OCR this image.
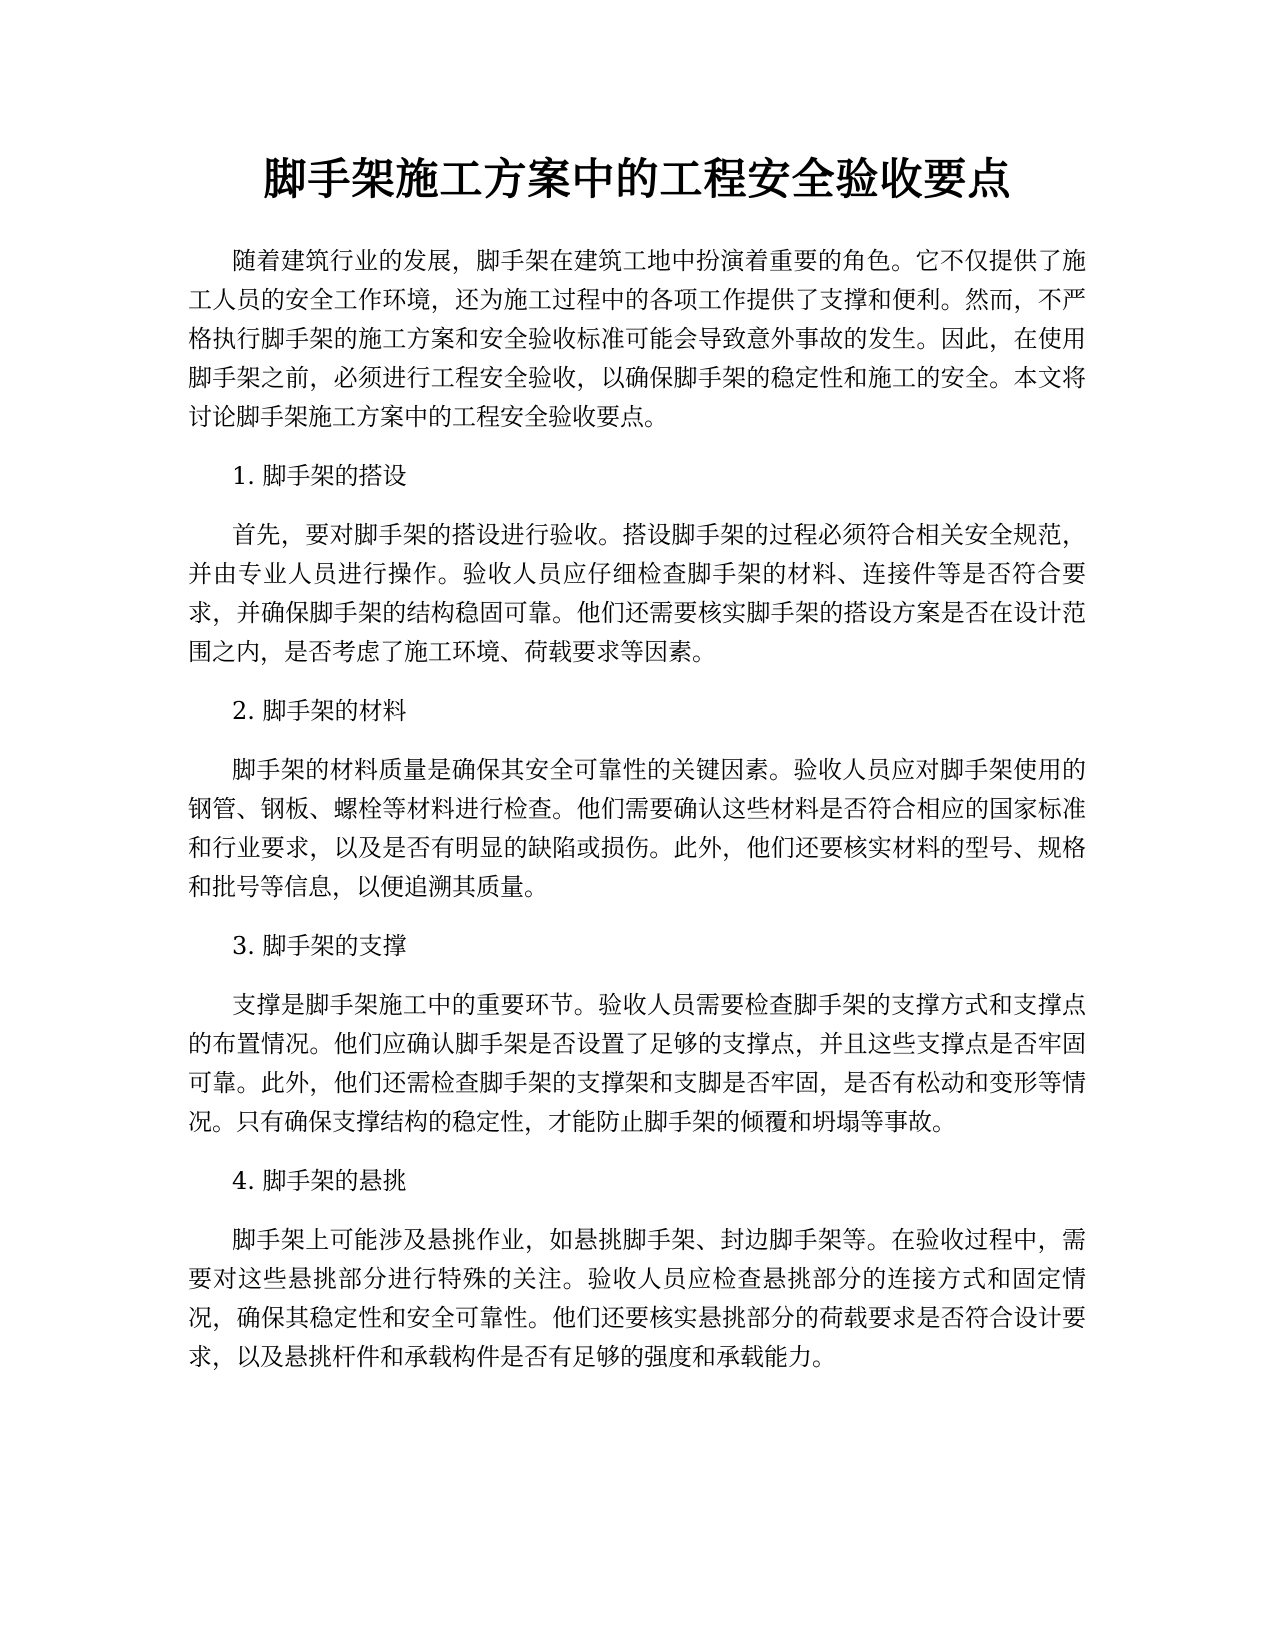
脚手架施工方案中的工程安全验收要点

随着建筑行业的发展，脚手架在建筑工地中扮演着重要的角色。它不仅提供了施工人员的安全工作环境，还为施工过程中的各项工作提供了支撑和便利。然而，不严格执行脚手架的施工方案和安全验收标准可能会导致意外事故的发生。因此，在使用脚手架之前，必须进行工程安全验收，以确保脚手架的稳定性和施工的安全。本文将讨论脚手架施工方案中的工程安全验收要点。

1. 脚手架的搭设

首先，要对脚手架的搭设进行验收。搭设脚手架的过程必须符合相关安全规范，并由专业人员进行操作。验收人员应仔细检查脚手架的材料、连接件等是否符合要求，并确保脚手架的结构稳固可靠。他们还需要核实脚手架的搭设方案是否在设计范围之内，是否考虑了施工环境、荷载要求等因素。

2. 脚手架的材料

脚手架的材料质量是确保其安全可靠性的关键因素。验收人员应对脚手架使用的钢管、钢板、螺栓等材料进行检查。他们需要确认这些材料是否符合相应的国家标准和行业要求，以及是否有明显的缺陷或损伤。此外，他们还要核实材料的型号、规格和批号等信息，以便追溯其质量。

3. 脚手架的支撑

支撑是脚手架施工中的重要环节。验收人员需要检查脚手架的支撑方式和支撑点的布置情况。他们应确认脚手架是否设置了足够的支撑点，并且这些支撑点是否牢固可靠。此外，他们还需检查脚手架的支撑架和支脚是否牢固，是否有松动和变形等情况。只有确保支撑结构的稳定性，才能防止脚手架的倾覆和坍塌等事故。

4. 脚手架的悬挑

脚手架上可能涉及悬挑作业，如悬挑脚手架、封边脚手架等。在验收过程中，需要对这些悬挑部分进行特殊的关注。验收人员应检查悬挑部分的连接方式和固定情况，确保其稳定性和安全可靠性。他们还要核实悬挑部分的荷载要求是否符合设计要求，以及悬挑杆件和承载构件是否有足够的强度和承载能力。
